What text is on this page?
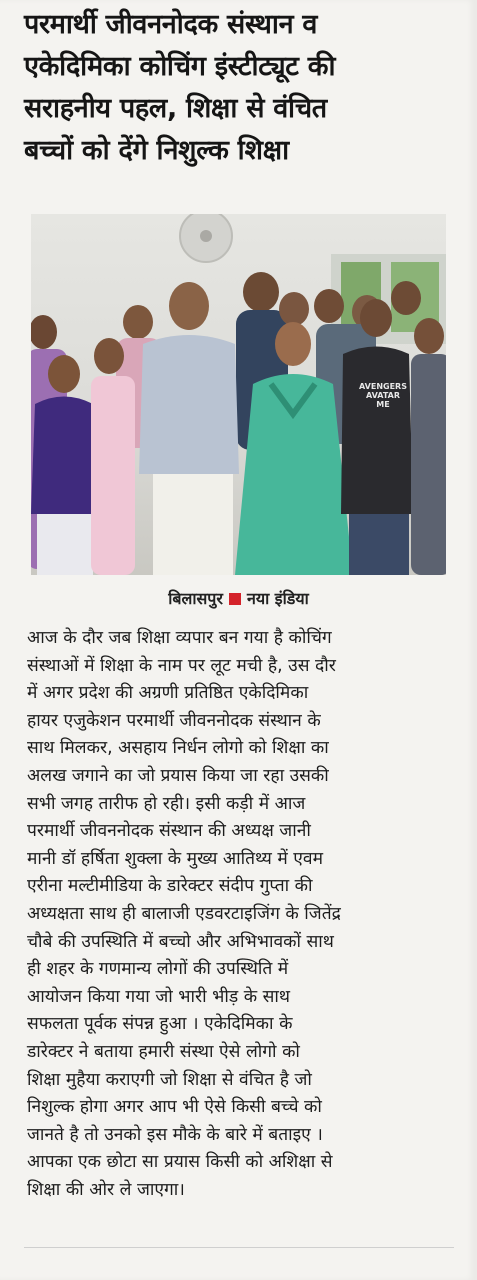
परमार्थी जीवननोदक संस्थान व
एकेदिमिका कोचिंग इंस्टीट्यूट की
सराहनीय पहल, शिक्षा से वंचित
बच्चों को देंगे निशुल्क शिक्षा
AVENGERS
AVATAR
ME
बिलासपुर नया इंडिया
आज के दौर जब शिक्षा व्यपार बन गया है कोचिंग
संस्थाओं में शिक्षा के नाम पर लूट मची है, उस दौर
में अगर प्रदेश की अग्रणी प्रतिष्ठित एकेदिमिका
हायर एजुकेशन परमार्थी जीवननोदक संस्थान के
साथ मिलकर, असहाय निर्धन लोगो को शिक्षा का
अलख जगाने का जो प्रयास किया जा रहा उसकी
सभी जगह तारीफ हो रही। इसी कड़ी में आज
परमार्थी जीवननोदक संस्थान की अध्यक्ष जानी
मानी डॉ हर्षिता शुक्ला के मुख्य आतिथ्य में एवम
एरीना मल्टीमीडिया के डारेक्टर संदीप गुप्ता की
अध्यक्षता साथ ही बालाजी एडवरटाइजिंग के जितेंद्र
चौबे की उपस्थिति में बच्चो और अभिभावकों साथ
ही शहर के गणमान्य लोगों की उपस्थिति में
आयोजन किया गया जो भारी भीड़ के साथ
सफलता पूर्वक संपन्न हुआ । एकेदिमिका के
डारेक्टर ने बताया हमारी संस्था ऐसे लोगो को
शिक्षा मुहैया कराएगी जो शिक्षा से वंचित है जो
निशुल्क होगा अगर आप भी ऐसे किसी बच्चे को
जानते है तो उनको इस मौके के बारे में बताइए ।
आपका एक छोटा सा प्रयास किसी को अशिक्षा से
शिक्षा की ओर ले जाएगा।
